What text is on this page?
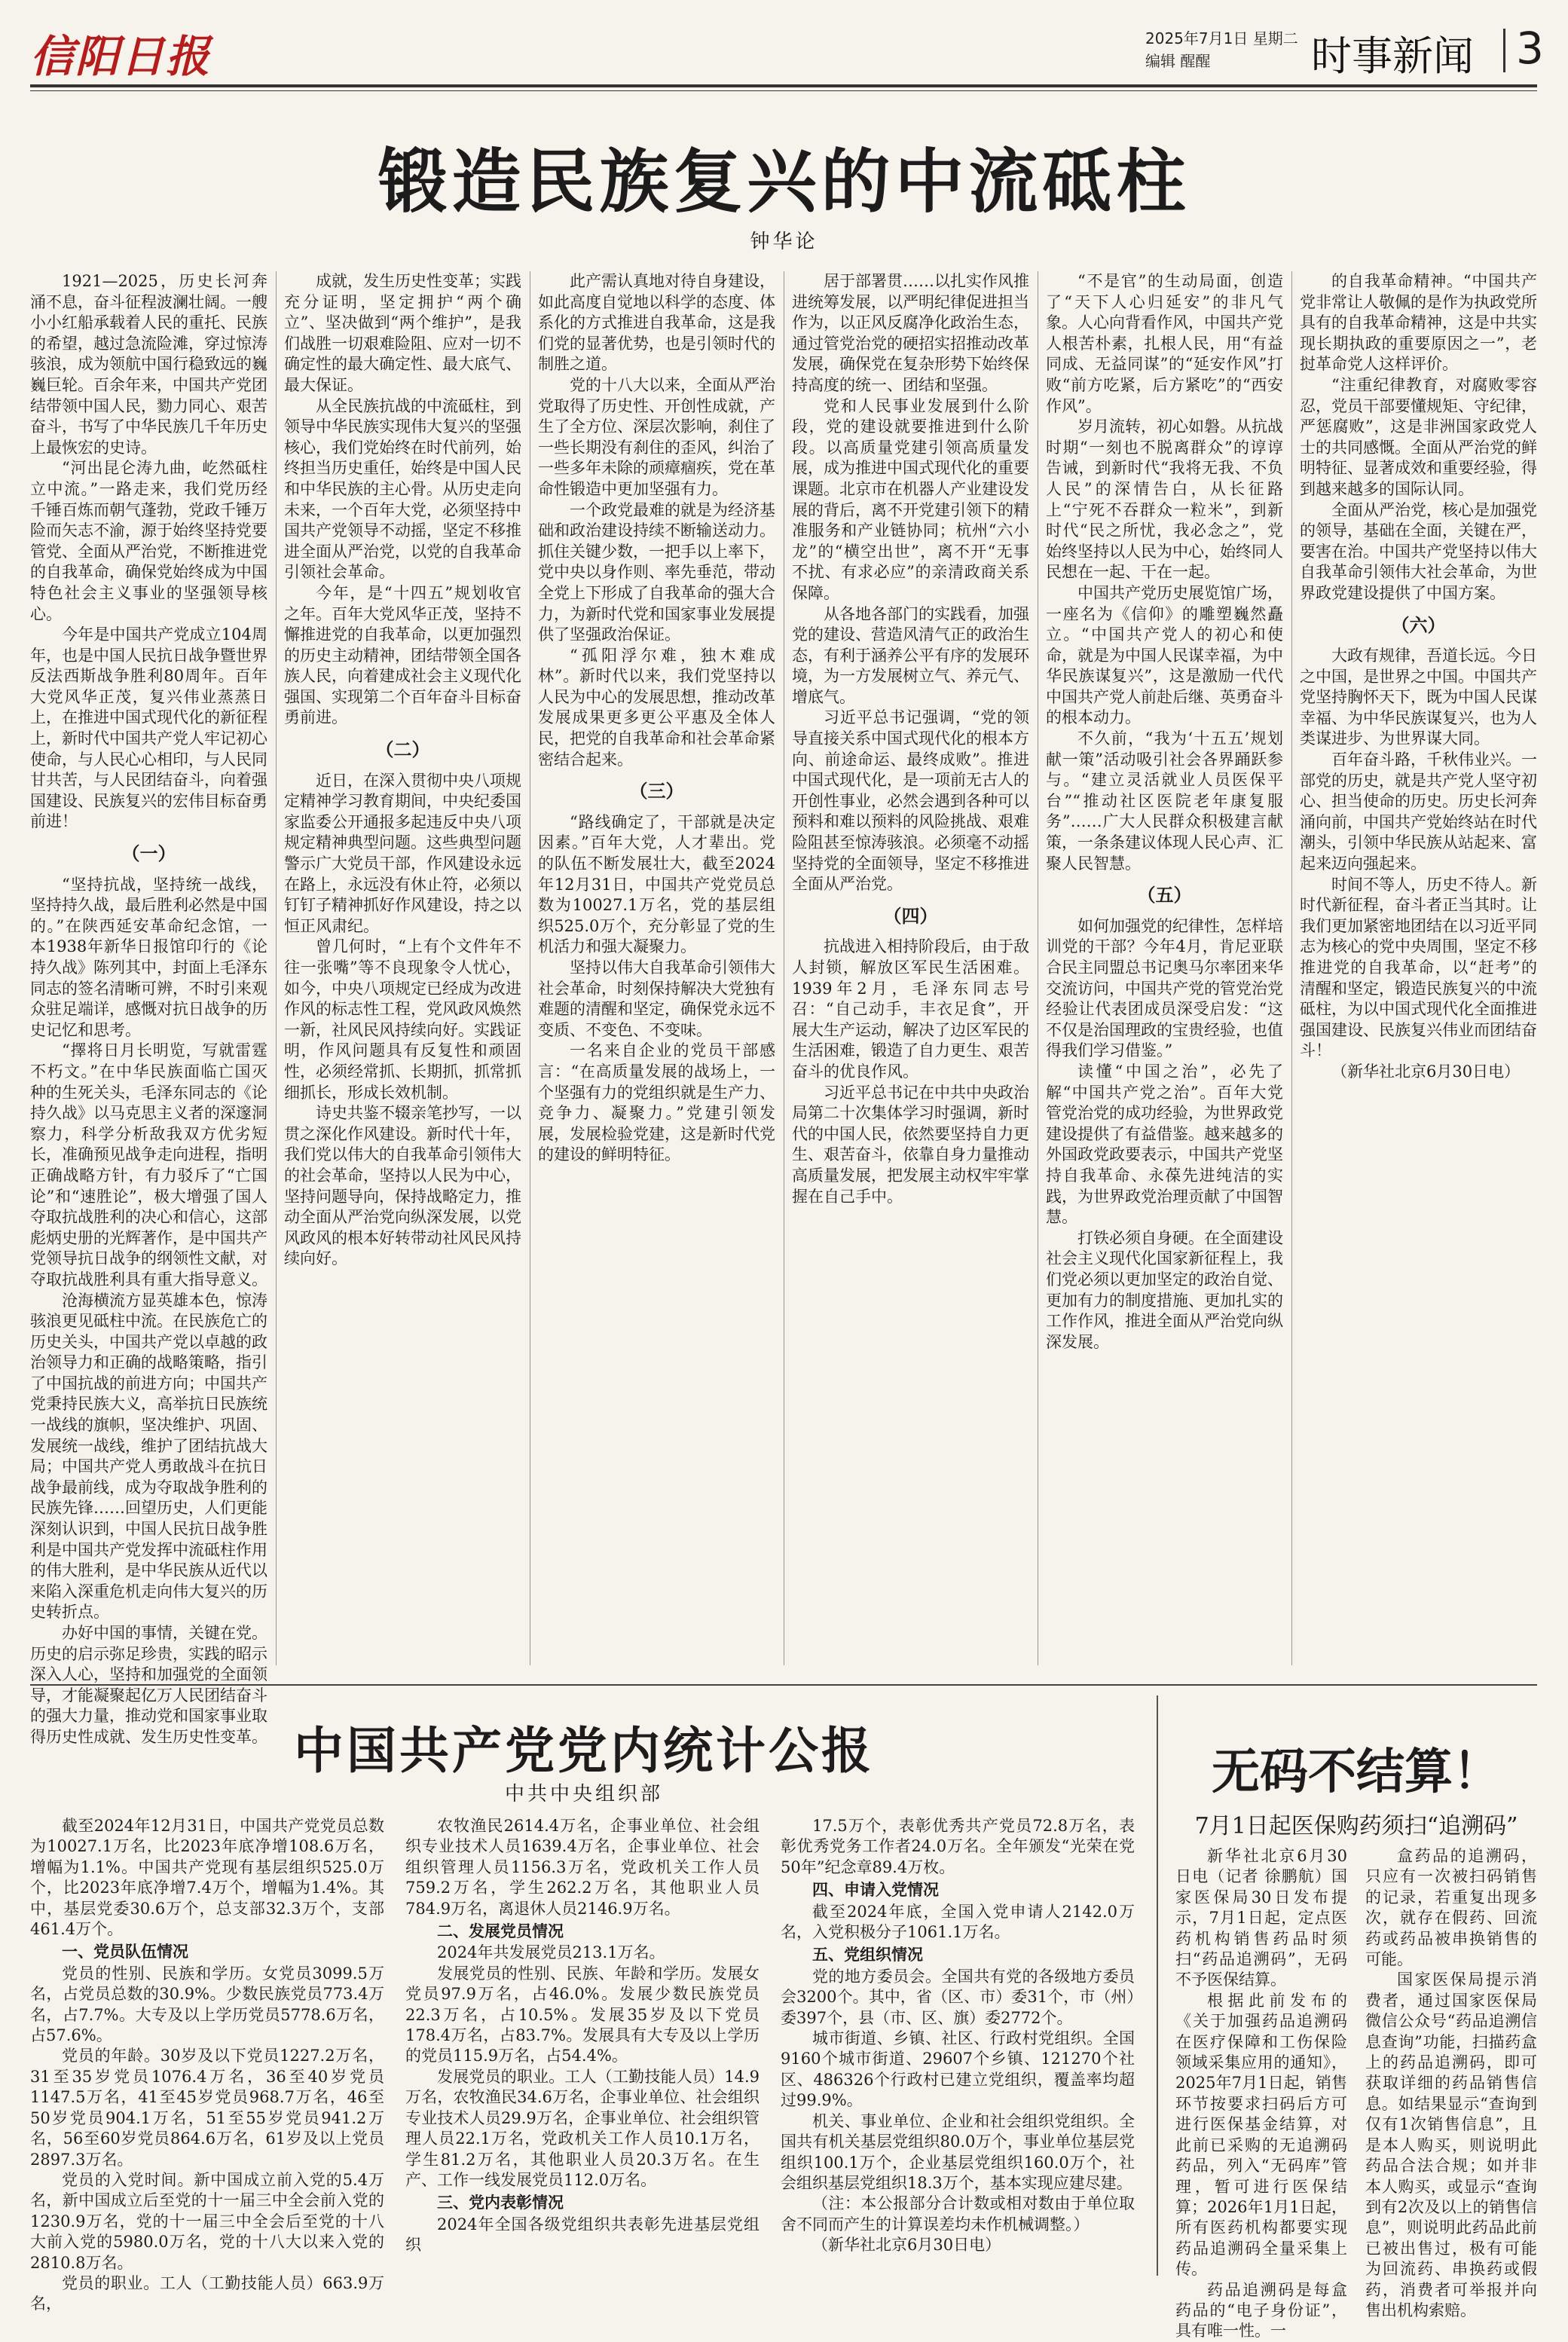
信阳日报	2025年7月1日 星期二
编辑 醒醒	时事新闻 3
锻造民族复兴的中流砥柱
钟华论

1921—2025，历史长河奔涌不息，奋斗征程波澜壮阔。一艘小小红船承载着人民的重托、民族的希望，越过急流险滩，穿过惊涛骇浪，成为领航中国行稳致远的巍巍巨轮。百余年来，中国共产党团结带领中国人民，勠力同心、艰苦奋斗，书写了中华民族几千年历史上最恢宏的史诗。

“河出昆仑涛九曲，屹然砥柱立中流。”一路走来，我们党历经千锤百炼而朝气蓬勃，党政千锤万险而矢志不渝，源于始终坚持党要管党、全面从严治党，不断推进党的自我革命，确保党始终成为中国特色社会主义事业的坚强领导核心。

今年是中国共产党成立104周年，也是中国人民抗日战争暨世界反法西斯战争胜利80周年。百年大党风华正茂，复兴伟业蒸蒸日上，在推进中国式现代化的新征程上，新时代中国共产党人牢记初心使命，与人民心心相印，与人民同甘共苦，与人民团结奋斗，向着强国建设、民族复兴的宏伟目标奋勇前进！

（一）

“坚持抗战，坚持统一战线，坚持持久战，最后胜利必然是中国的。”在陕西延安革命纪念馆，一本1938年新华日报馆印行的《论持久战》陈列其中，封面上毛泽东同志的签名清晰可辨，不时引来观众驻足端详，感慨对抗日战争的历史记忆和思考。

“擇将日月长明览，写就雷霆不朽文。”在中华民族面临亡国灭种的生死关头，毛泽东同志的《论持久战》以马克思主义者的深邃洞察力，科学分析敌我双方优劣短长，准确预见战争走向进程，指明正确战略方针，有力驳斥了“亡国论”和“速胜论”，极大增强了国人夺取抗战胜利的决心和信心，这部彪炳史册的光辉著作，是中国共产党领导抗日战争的纲领性文献，对夺取抗战胜利具有重大指导意义。

沧海横流方显英雄本色，惊涛骇浪更见砥柱中流。在民族危亡的历史关头，中国共产党以卓越的政治领导力和正确的战略策略，指引了中国抗战的前进方向；中国共产党秉持民族大义，高举抗日民族统一战线的旗帜，坚决维护、巩固、发展统一战线，维护了团结抗战大局；中国共产党人勇敢战斗在抗日战争最前线，成为夺取战争胜利的民族先锋……回望历史，人们更能深刻认识到，中国人民抗日战争胜利是中国共产党发挥中流砥柱作用的伟大胜利，是中华民族从近代以来陷入深重危机走向伟大复兴的历史转折点。

办好中国的事情，关键在党。历史的启示弥足珍贵，实践的昭示深入人心，坚持和加强党的全面领导，才能凝聚起亿万人民团结奋斗的强大力量，推动党和国家事业取得历史性成就、发生历史性变革。

成就，发生历史性变革；实践充分证明，坚定拥护“两个确立”、坚决做到“两个维护”，是我们战胜一切艰难险阻、应对一切不确定性的最大确定性、最大底气、最大保证。

从全民族抗战的中流砥柱，到领导中华民族实现伟大复兴的坚强核心，我们党始终在时代前列，始终担当历史重任，始终是中国人民和中华民族的主心骨。从历史走向未来，一个百年大党，必须坚持中国共产党领导不动摇，坚定不移推进全面从严治党，以党的自我革命引领社会革命。

今年，是“十四五”规划收官之年。百年大党风华正茂，坚持不懈推进党的自我革命，以更加强烈的历史主动精神，团结带领全国各族人民，向着建成社会主义现代化强国、实现第二个百年奋斗目标奋勇前进。

（二）

近日，在深入贯彻中央八项规定精神学习教育期间，中央纪委国家监委公开通报多起违反中央八项规定精神典型问题。这些典型问题警示广大党员干部，作风建设永远在路上，永远没有休止符，必须以钉钉子精神抓好作风建设，持之以恒正风肃纪。

曾几何时，“上有个文件年不往一张嘴”等不良现象令人忧心，如今，中央八项规定已经成为改进作风的标志性工程，党风政风焕然一新，社风民风持续向好。实践证明，作风问题具有反复性和顽固性，必须经常抓、长期抓，抓常抓细抓长，形成长效机制。

诗史共鉴不辍亲笔抄写，一以贯之深化作风建设。新时代十年，我们党以伟大的自我革命引领伟大的社会革命，坚持以人民为中心，坚持问题导向，保持战略定力，推动全面从严治党向纵深发展，以党风政风的根本好转带动社风民风持续向好。

此产需认真地对待自身建设，如此高度自觉地以科学的态度、体系化的方式推进自我革命，这是我们党的显著优势，也是引领时代的制胜之道。

党的十八大以来，全面从严治党取得了历史性、开创性成就，产生了全方位、深层次影响，刹住了一些长期没有刹住的歪风，纠治了一些多年未除的顽瘴痼疾，党在革命性锻造中更加坚强有力。

一个政党最难的就是为经济基础和政治建设持续不断输送动力。抓住关键少数，一把手以上率下，党中央以身作则、率先垂范，带动全党上下形成了自我革命的强大合力，为新时代党和国家事业发展提供了坚强政治保证。

“孤阳浮尔难，独木难成林”。新时代以来，我们党坚持以人民为中心的发展思想，推动改革发展成果更多更公平惠及全体人民，把党的自我革命和社会革命紧密结合起来。

（三）

“路线确定了，干部就是决定因素。”百年大党，人才辈出。党的队伍不断发展壮大，截至2024年12月31日，中国共产党党员总数为10027.1万名，党的基层组织525.0万个，充分彰显了党的生机活力和强大凝聚力。

坚持以伟大自我革命引领伟大社会革命，时刻保持解决大党独有难题的清醒和坚定，确保党永远不变质、不变色、不变味。

一名来自企业的党员干部感言：“在高质量发展的战场上，一个坚强有力的党组织就是生产力、竞争力、凝聚力。”党建引领发展，发展检验党建，这是新时代党的建设的鲜明特征。

居于部署贯……以扎实作风推进统筹发展，以严明纪律促进担当作为，以正风反腐净化政治生态，通过管党治党的硬招实招推动改革发展，确保党在复杂形势下始终保持高度的统一、团结和坚强。

党和人民事业发展到什么阶段，党的建设就要推进到什么阶段。以高质量党建引领高质量发展，成为推进中国式现代化的重要课题。北京市在机器人产业建设发展的背后，离不开党建引领下的精准服务和产业链协同；杭州“六小龙”的“横空出世”，离不开“无事不扰、有求必应”的亲清政商关系保障。

从各地各部门的实践看，加强党的建设、营造风清气正的政治生态，有利于涵养公平有序的发展环境，为一方发展树立气、养元气、增底气。

习近平总书记强调，“党的领导直接关系中国式现代化的根本方向、前途命运、最终成败”。推进中国式现代化，是一项前无古人的开创性事业，必然会遇到各种可以预料和难以预料的风险挑战、艰难险阻甚至惊涛骇浪。必须毫不动摇坚持党的全面领导，坚定不移推进全面从严治党。

（四）

抗战进入相持阶段后，由于敌人封锁，解放区军民生活困难。1939年2月，毛泽东同志号召：“自己动手，丰衣足食”，开展大生产运动，解决了边区军民的生活困难，锻造了自力更生、艰苦奋斗的优良作风。

习近平总书记在中共中央政治局第二十次集体学习时强调，新时代的中国人民，依然要坚持自力更生、艰苦奋斗，依靠自身力量推动高质量发展，把发展主动权牢牢掌握在自己手中。

“不是官”的生动局面，创造了“天下人心归延安”的非凡气象。人心向背看作风，中国共产党人根苦朴素，扎根人民，用“有益同成、无益同谋”的“延安作风”打败“前方吃紧，后方紧吃”的“西安作风”。

岁月流转，初心如磐。从抗战时期“一刻也不脱离群众”的谆谆告诫，到新时代“我将无我、不负人民”的深情告白，从长征路上“宁死不吞群众一粒米”，到新时代“民之所忧，我必念之”，党始终坚持以人民为中心，始终同人民想在一起、干在一起。

中国共产党历史展览馆广场，一座名为《信仰》的雕塑巍然矗立。“中国共产党人的初心和使命，就是为中国人民谋幸福，为中华民族谋复兴”，这是激励一代代中国共产党人前赴后继、英勇奋斗的根本动力。

不久前，“我为‘十五五’规划献一策”活动吸引社会各界踊跃参与。“建立灵活就业人员医保平台”“推动社区医院老年康复服务”……广大人民群众积极建言献策，一条条建议体现人民心声、汇聚人民智慧。

（五）

如何加强党的纪律性，怎样培训党的干部？今年4月，肯尼亚联合民主同盟总书记奥马尔率团来华交流访问，中国共产党的管党治党经验让代表团成员深受启发：“这不仅是治国理政的宝贵经验，也值得我们学习借鉴。”

读懂“中国之治”，必先了解“中国共产党之治”。百年大党管党治党的成功经验，为世界政党建设提供了有益借鉴。越来越多的外国政党政要表示，中国共产党坚持自我革命、永葆先进纯洁的实践，为世界政党治理贡献了中国智慧。

打铁必须自身硬。在全面建设社会主义现代化国家新征程上，我们党必须以更加坚定的政治自觉、更加有力的制度措施、更加扎实的工作作风，推进全面从严治党向纵深发展。

的自我革命精神。“中国共产党非常让人敬佩的是作为执政党所具有的自我革命精神，这是中共实现长期执政的重要原因之一”，老挝革命党人这样评价。

“注重纪律教育，对腐败零容忍，党员干部要懂规矩、守纪律，严惩腐败”，这是非洲国家政党人士的共同感慨。全面从严治党的鲜明特征、显著成效和重要经验，得到越来越多的国际认同。

全面从严治党，核心是加强党的领导，基础在全面，关键在严，要害在治。中国共产党坚持以伟大自我革命引领伟大社会革命，为世界政党建设提供了中国方案。

（六）

大政有规律，吾道长远。今日之中国，是世界之中国。中国共产党坚持胸怀天下，既为中国人民谋幸福、为中华民族谋复兴，也为人类谋进步、为世界谋大同。

百年奋斗路，千秋伟业兴。一部党的历史，就是共产党人坚守初心、担当使命的历史。历史长河奔涌向前，中国共产党始终站在时代潮头，引领中华民族从站起来、富起来迈向强起来。

时间不等人，历史不待人。新时代新征程，奋斗者正当其时。让我们更加紧密地团结在以习近平同志为核心的党中央周围，坚定不移推进党的自我革命，以“赶考”的清醒和坚定，锻造民族复兴的中流砥柱，为以中国式现代化全面推进强国建设、民族复兴伟业而团结奋斗！

（新华社北京6月30日电）

中国共产党党内统计公报
中共中央组织部

截至2024年12月31日，中国共产党党员总数为10027.1万名，比2023年底净增108.6万名，增幅为1.1%。中国共产党现有基层组织525.0万个，比2023年底净增7.4万个，增幅为1.4%。其中，基层党委30.6万个，总支部32.3万个，支部461.4万个。

一、党员队伍情况

党员的性别、民族和学历。女党员3099.5万名，占党员总数的30.9%。少数民族党员773.4万名，占7.7%。大专及以上学历党员5778.6万名，占57.6%。

党员的年龄。30岁及以下党员1227.2万名，31至35岁党员1076.4万名，36至40岁党员1147.5万名，41至45岁党员968.7万名，46至50岁党员904.1万名，51至55岁党员941.2万名，56至60岁党员864.6万名，61岁及以上党员2897.3万名。

党员的入党时间。新中国成立前入党的5.4万名，新中国成立后至党的十一届三中全会前入党的1230.9万名，党的十一届三中全会后至党的十八大前入党的5980.0万名，党的十八大以来入党的2810.8万名。

党员的职业。工人（工勤技能人员）663.9万名，

农牧渔民2614.4万名，企事业单位、社会组织专业技术人员1639.4万名，企事业单位、社会组织管理人员1156.3万名，党政机关工作人员759.2万名，学生262.2万名，其他职业人员784.9万名，离退休人员2146.9万名。

二、发展党员情况

2024年共发展党员213.1万名。

发展党员的性别、民族、年龄和学历。发展女党员97.9万名，占46.0%。发展少数民族党员22.3万名，占10.5%。发展35岁及以下党员178.4万名，占83.7%。发展具有大专及以上学历的党员115.9万名，占54.4%。

发展党员的职业。工人（工勤技能人员）14.9万名，农牧渔民34.6万名，企事业单位、社会组织专业技术人员29.9万名，企事业单位、社会组织管理人员22.1万名，党政机关工作人员10.1万名，学生81.2万名，其他职业人员20.3万名。在生产、工作一线发展党员112.0万名。

三、党内表彰情况

2024年全国各级党组织共表彰先进基层党组织

17.5万个，表彰优秀共产党员72.8万名，表彰优秀党务工作者24.0万名。全年颁发“光荣在党50年”纪念章89.4万枚。

四、申请入党情况

截至2024年底，全国入党申请人2142.0万名，入党积极分子1061.1万名。

五、党组织情况

党的地方委员会。全国共有党的各级地方委员会3200个。其中，省（区、市）委31个，市（州）委397个，县（市、区、旗）委2772个。

城市街道、乡镇、社区、行政村党组织。全国9160个城市街道、29607个乡镇、121270个社区、486326个行政村已建立党组织，覆盖率均超过99.9%。

机关、事业单位、企业和社会组织党组织。全国共有机关基层党组织80.0万个，事业单位基层党组织100.1万个，企业基层党组织160.0万个，社会组织基层党组织18.3万个，基本实现应建尽建。

（注：本公报部分合计数或相对数由于单位取舍不同而产生的计算误差均未作机械调整。）

（新华社北京6月30日电）

无码不结算！
7月1日起医保购药须扫“追溯码”

新华社北京6月30日电（记者 徐鹏航）国家医保局30日发布提示，7月1日起，定点医药机构销售药品时须扫“药品追溯码”，无码不予医保结算。

根据此前发布的《关于加强药品追溯码在医疗保障和工伤保险领域采集应用的通知》，2025年7月1日起，销售环节按要求扫码后方可进行医保基金结算，对此前已采购的无追溯码药品，列入“无码库”管理，暂可进行医保结算；2026年1月1日起，所有医药机构都要实现药品追溯码全量采集上传。

药品追溯码是每盒药品的“电子身份证”，具有唯一性。一

盒药品的追溯码，只应有一次被扫码销售的记录，若重复出现多次，就存在假药、回流药或药品被串换销售的可能。

国家医保局提示消费者，通过国家医保局微信公众号“药品追溯信息查询”功能，扫描药盒上的药品追溯码，即可获取详细的药品销售信息。如结果显示“查询到仅有1次销售信息”，且是本人购买，则说明此药品合法合规；如并非本人购买，或显示“查询到有2次及以上的销售信息”，则说明此药品此前已被出售过，极有可能为回流药、串换药或假药，消费者可举报并向售出机构索赔。
